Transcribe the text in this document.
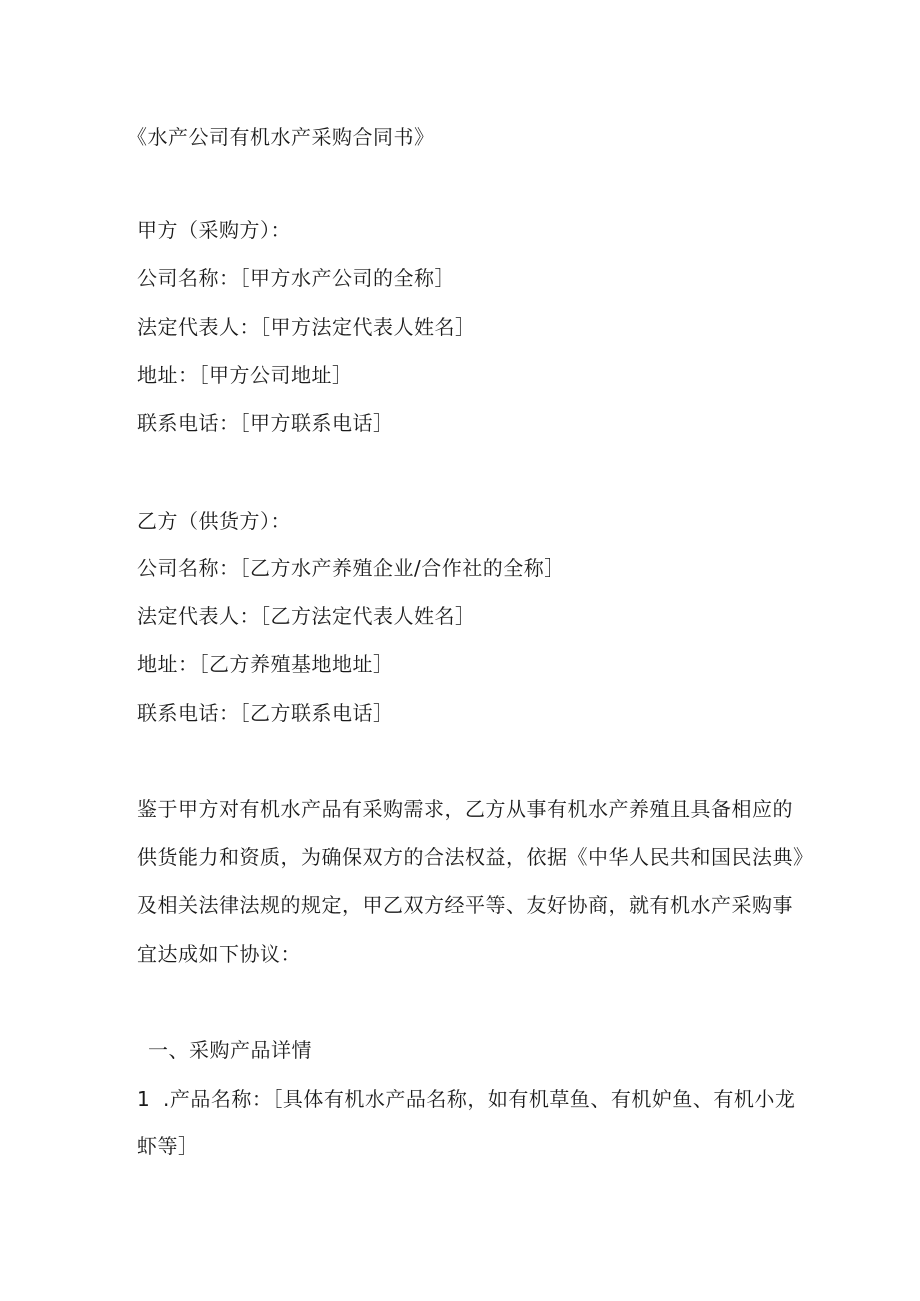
《水产公司有机水产采购合同书》
甲方（采购方）：
公司名称：［甲方水产公司的全称］
法定代表人：［甲方法定代表人姓名］
地址：［甲方公司地址］
联系电话：［甲方联系电话］
乙方（供货方）：
公司名称：［乙方水产养殖企业/合作社的全称］
法定代表人：［乙方法定代表人姓名］
地址：［乙方养殖基地地址］
联系电话：［乙方联系电话］
鉴于甲方对有机水产品有采购需求，乙方从事有机水产养殖且具备相应的
供货能力和资质，为确保双方的合法权益，依据《中华人民共和国民法典》
及相关法律法规的规定，甲乙双方经平等、友好协商，就有机水产采购事
宜达成如下协议：
一、采购产品详情
1 .产品名称：［具体有机水产品名称，如有机草鱼、有机妒鱼、有机小龙
虾等］
